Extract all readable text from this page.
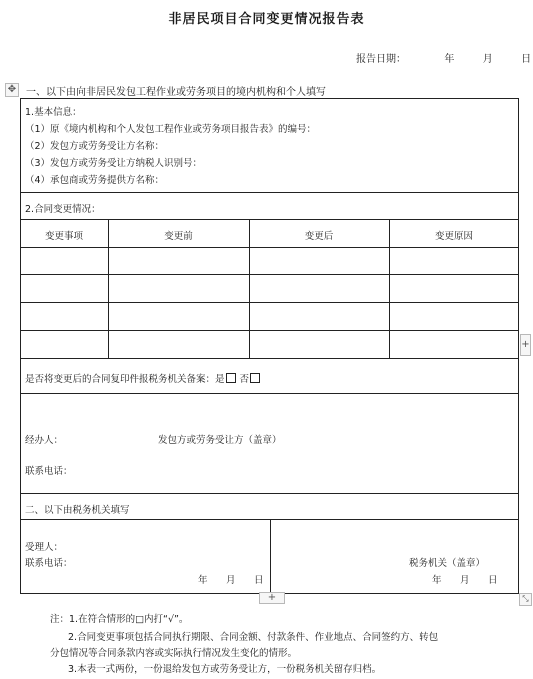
非居民项目合同变更情况报告表
报告日期：	年	月	日
✥ 一、以下由向非居民发包工程作业或劳务项目的境内机构和个人填写
1.基本信息：
（1）原《境内机构和个人发包工程作业或劳务项目报告表》的编号：
（2）发包方或劳务受让方名称：
（3）发包方或劳务受让方纳税人识别号：
（4）承包商或劳务提供方名称：
2.合同变更情况：
变更事项	变更前	变更后	变更原因
是否将变更后的合同复印件报税务机关备案：是 否
经办人：	发包方或劳务受让方（盖章）
联系电话：
二、以下由税务机关填写
受理人：
联系电话：
年 月 日
税务机关（盖章）
年 月 日
+
+
⤡
注：1.在符合情形的□内打“√”。
2.合同变更事项包括合同执行期限、合同金额、付款条件、作业地点、合同签约方、转包
分包情况等合同条款内容或实际执行情况发生变化的情形。
3.本表一式两份，一份退给发包方或劳务受让方，一份税务机关留存归档。
